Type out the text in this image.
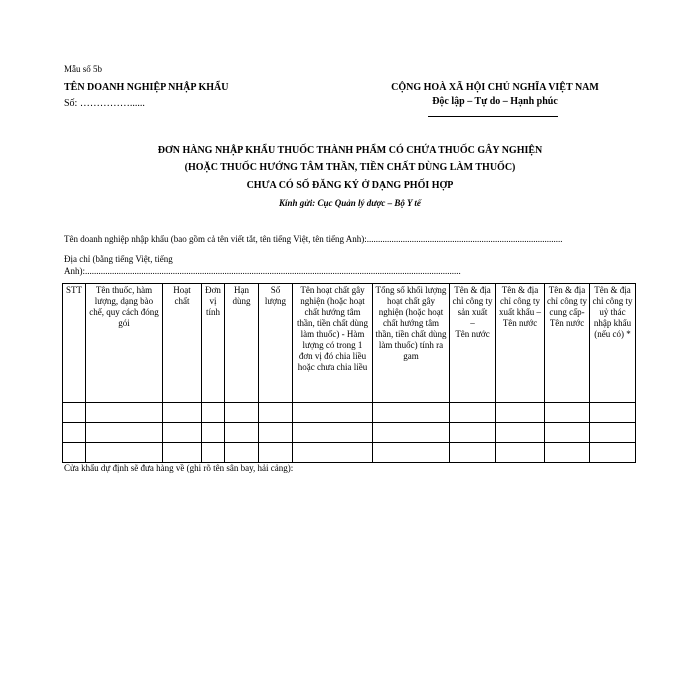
Mẫu số 5b
TÊN DOANH NGHIỆP NHẬP KHẨU
Số: ……………......
CỘNG HOÀ XÃ HỘI CHỦ NGHĨA VIỆT NAM
Độc lập – Tự do – Hạnh phúc
ĐƠN HÀNG NHẬP KHẨU THUỐC THÀNH PHẨM CÓ CHỨA THUỐC GÂY NGHIỆN
(HOẶC THUỐC HƯỚNG TÂM THẦN, TIỀN CHẤT DÙNG LÀM THUỐC)
CHƯA CÓ SỐ ĐĂNG KÝ Ở DẠNG PHỐI HỢP
Kính gửi: Cục Quản lý dược – Bộ Y tế
Tên doanh nghiệp nhập khẩu (bao gồm cả tên viết tắt, tên tiếng Việt, tên tiếng Anh):.......................................................................................
Địa chỉ (bằng tiếng Việt, tiếng
Anh):.......................................................................................................................................................................
STT	Tên thuốc, hàm lượng, dạng bào chế, quy cách đóng gói	Hoạt chất	Đơn vị tính	Hạn dùng	Số lượng	Tên hoạt chất gây nghiện (hoặc hoạt chất hướng tâm thần, tiền chất dùng làm thuốc) - Hàm lượng có trong 1 đơn vị đó chia liều hoặc chưa chia liều	Tổng số khối lượng hoạt chất gây nghiện (hoặc hoạt chất hướng tâm thần, tiền chất dùng làm thuốc) tính ra gam	Tên & địa chỉ công ty sản xuất
–
Tên nước	Tên & địa chỉ công ty xuất khẩu –
Tên nước	Tên & địa chỉ công ty cung cấp- Tên nước	Tên & địa chỉ công ty uỷ thác nhập khẩu
(nếu có) *

Cửa khẩu dự định sẽ đưa hàng về (ghi rõ tên sân bay, hải cảng):
